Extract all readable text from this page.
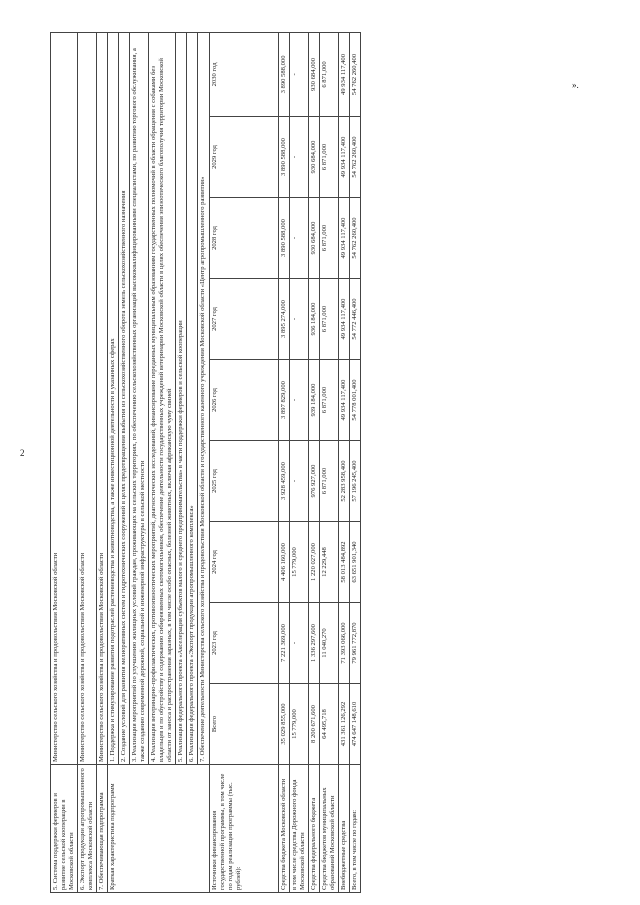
2
».
5. Система поддержки фермеров и развитие сельской кооперации в Московской области	Министерство сельского хозяйства и продовольствия Московской области								
6. Экспорт продукции агропромышленного комплекса Московской области	Министерство сельского хозяйства и продовольствия Московской области								
7. Обеспечивающая подпрограмма	Министерство сельского хозяйства и продовольствия Московской области								
Краткая характеристика подпрограмм	1. Поддержка и стимулирование развития подотраслей растениеводства и животноводства, а также инвестиционной деятельности в указанных сферах								
	2. Создание условий для развития мелиоративных систем и гидротехнических сооружений в целях предотвращения выбытия из сельскохозяйственного оборота земель сельскохозяйственного назначения								
	3. Реализация мероприятий по улучшению жилищных условий граждан, проживающих на сельских территориях, по обеспечению сельскохозяйственных организаций высококвалифицированными специалистами, по развитию торгового обслуживания, а также созданию современной дорожной, социальной и инженерной инфраструктуры в сельской местности								
	4. Реализация ветеринарно-профилактических, противоэпизоотических мероприятий, диагностических исследований, финансирование переданных муниципальным образованиям государственных полномочий в области обращения с собаками без владельцев и по обустройству и содержанию сибиреязвенных скотомогильников, обеспечение деятельности государственных учреждений ветеринарии Московской области в целях обеспечения эпизоотического благополучия территории Московской области от заноса и распространения заразных, в том числе особо опасных, болезней животных, включая африканскую чуму свиней								
	5. Реализация федерального проекта «Акселерация субъектов малого и среднего предпринимательства» в части поддержки фермеров и сельской кооперации								
	6. Реализация федерального проекта «Экспорт продукции агропромышленного комплекса»								
	7. Обеспечение деятельности Министерства сельского хозяйства и продовольствия Московской области и государственного казенного учреждения Московской области «Центр агропромышленного развития»								
Источники финансирования государственной программы, в том числе по годам реализации программы (тыс. рублей):	Всего	2023 год	2024 год	2025 год	2026 год	2027 год	2028 год	2029 год	2030 год
Средства бюджета Московской области	35 029 855,000	7 221 369,000	4 406 160,000	3 928 459,000	3 897 829,000	3 895 274,000	3 890 588,000	3 890 588,000	3 890 588,000
в том числе средства Дорожного фонда Московской области	15 779,000	-	15 779,000	-	-	-	-	-	-
Средства федерального бюджета	8 200 671,600	1 336 297,600	1 220 027,000	976 927,000	939 184,000	936 184,000	930 684,000	930 684,000	930 684,000
Средства бюджетов муниципальных образований Московской области	64 495,718	11 040,270	12 229,448	6 871,000	6 871,000	6 871,000	6 871,000	6 871,000	6 871,000
Внебюджетные средства	431 361 126,292	71 393 066,000	58 013 484,892	52 283 958,400	49 934 117,400	49 934 117,400	49 934 117,400	49 934 117,400	49 934 117,400
Всего, в том числе по годам:	474 647 148,610	79 961 772,870	63 651 901,340	57 196 245,400	54 778 001,400	54 772 446,400	54 762 260,400	54 762 260,400	54 762 260,400
